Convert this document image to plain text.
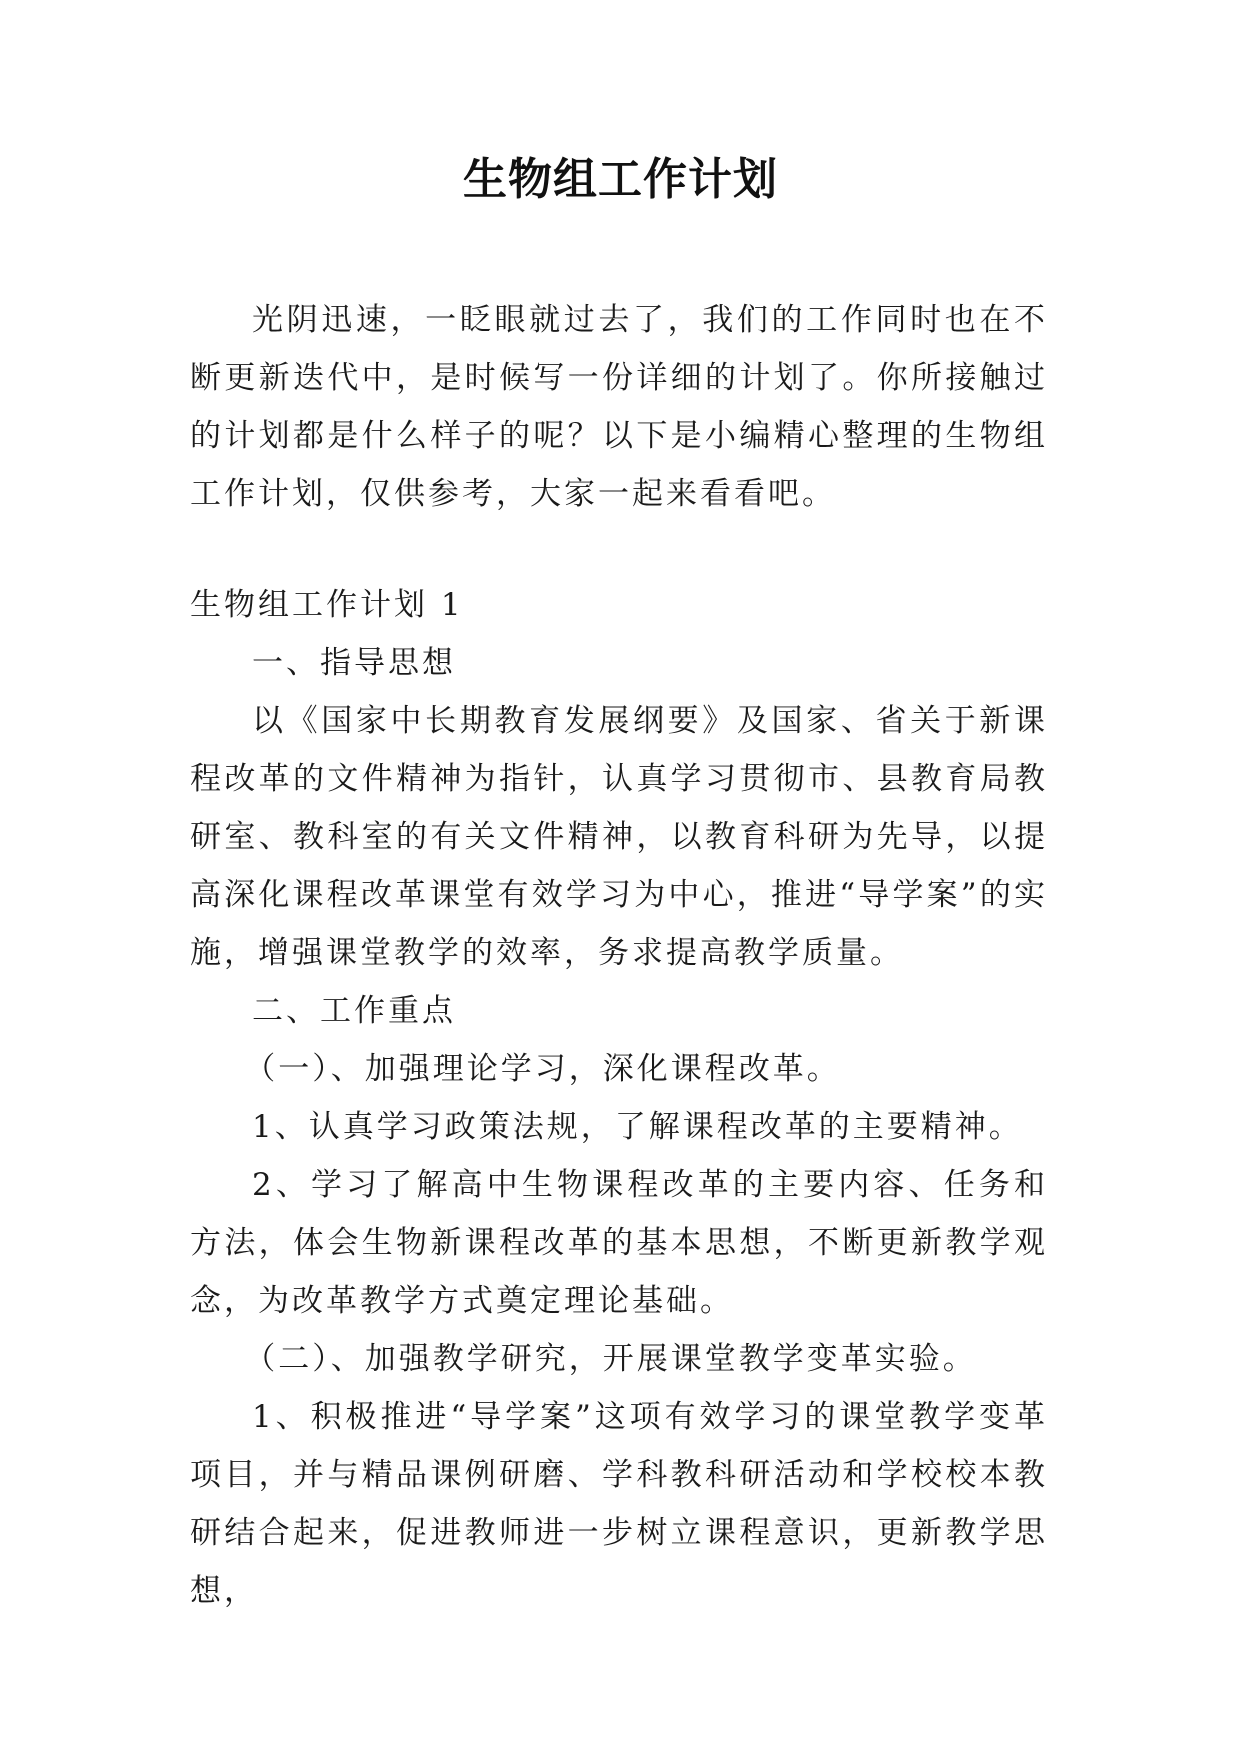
生物组工作计划

光阴迅速，一眨眼就过去了，我们的工作同时也在不断更新迭代中，是时候写一份详细的计划了。你所接触过的计划都是什么样子的呢？以下是小编精心整理的生物组工作计划，仅供参考，大家一起来看看吧。

生物组工作计划 1

一、指导思想

以《国家中长期教育发展纲要》及国家、省关于新课程改革的文件精神为指针，认真学习贯彻市、县教育局教研室、教科室的有关文件精神，以教育科研为先导，以提高深化课程改革课堂有效学习为中心，推进“导学案”的实施，增强课堂教学的效率，务求提高教学质量。

二、工作重点

（一）、加强理论学习，深化课程改革。

1、认真学习政策法规，了解课程改革的主要精神。

2、学习了解高中生物课程改革的主要内容、任务和方法，体会生物新课程改革的基本思想，不断更新教学观念，为改革教学方式奠定理论基础。

（二）、加强教学研究，开展课堂教学变革实验。

1、积极推进“导学案”这项有效学习的课堂教学变革项目，并与精品课例研磨、学科教科研活动和学校校本教研结合起来，促进教师进一步树立课程意识，更新教学思想，
